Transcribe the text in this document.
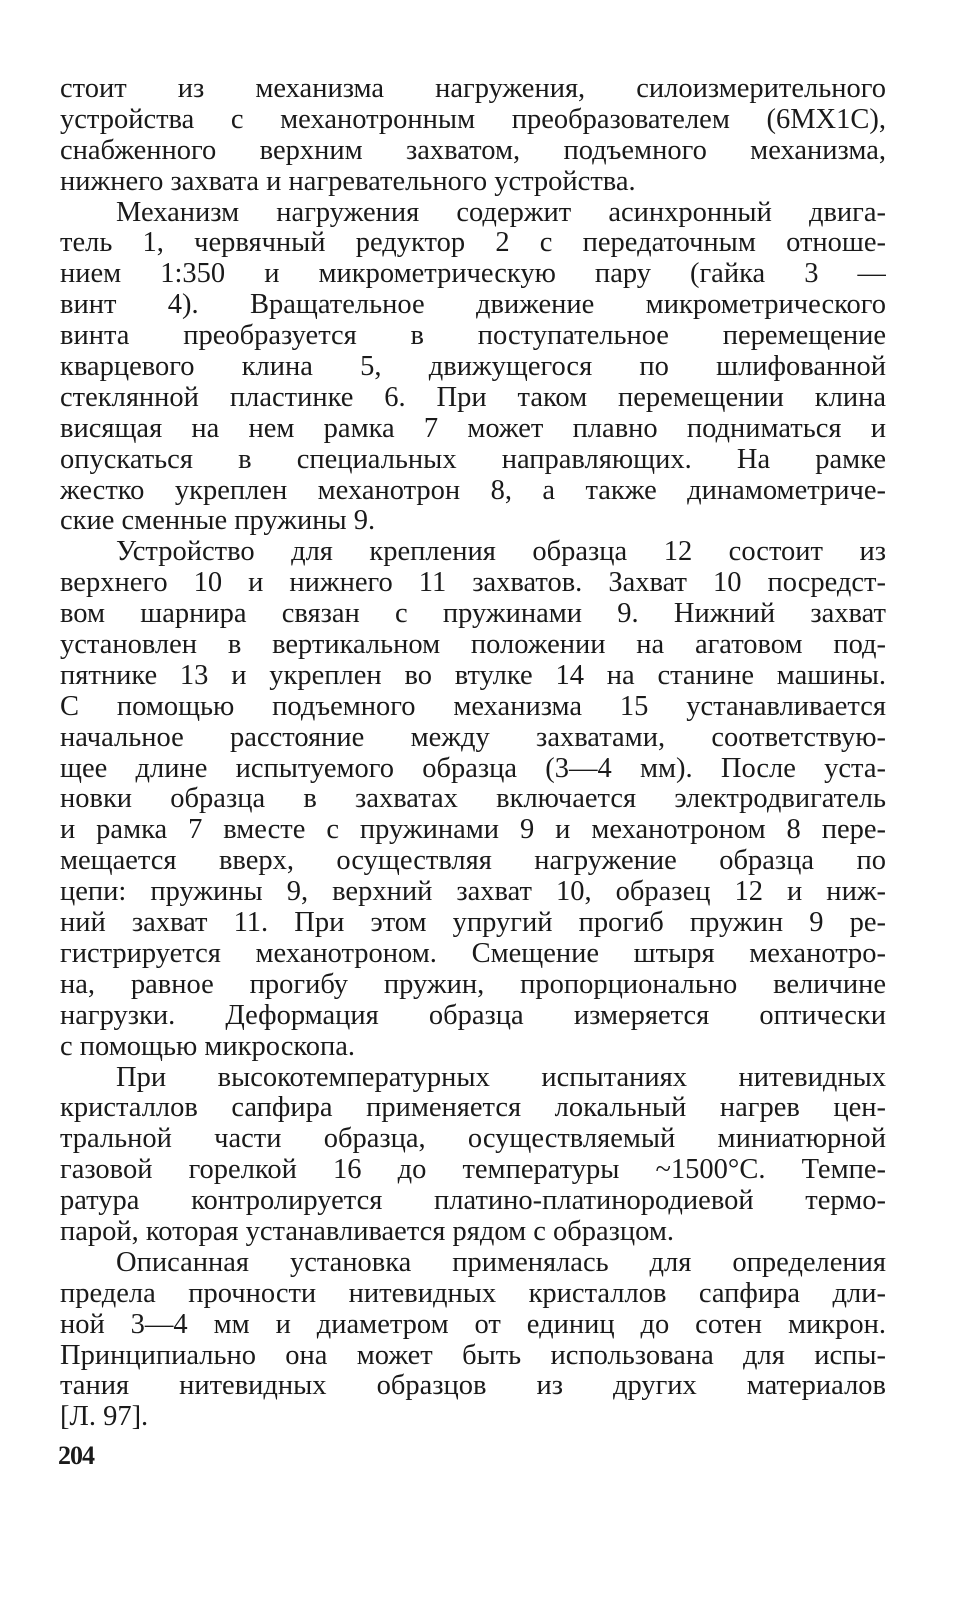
стоит из механизма нагружения, силоизмерительного
устройства с механотронным преобразователем (6МХ1С),
снабженного верхним захватом, подъемного механизма,
нижнего захвата и нагревательного устройства.
Механизм нагружения содержит асинхронный двига-
тель 1, червячный редуктор 2 с передаточным отноше-
нием 1:350 и микрометрическую пару (гайка 3 —
винт 4). Вращательное движение микрометрического
винта преобразуется в поступательное перемещение
кварцевого клина 5, движущегося по шлифованной
стеклянной пластинке 6. При таком перемещении клина
висящая на нем рамка 7 может плавно подниматься и
опускаться в специальных направляющих. На рамке
жестко укреплен механотрон 8, а также динамометриче-
ские сменные пружины 9.
Устройство для крепления образца 12 состоит из
верхнего 10 и нижнего 11 захватов. Захват 10 посредст-
вом шарнира связан с пружинами 9. Нижний захват
установлен в вертикальном положении на агатовом под-
пятнике 13 и укреплен во втулке 14 на станине машины.
С помощью подъемного механизма 15 устанавливается
начальное расстояние между захватами, соответствую-
щее длине испытуемого образца (3—4 мм). После уста-
новки образца в захватах включается электродвигатель
и рамка 7 вместе с пружинами 9 и механотроном 8 пере-
мещается вверх, осуществляя нагружение образца по
цепи: пружины 9, верхний захват 10, образец 12 и ниж-
ний захват 11. При этом упругий прогиб пружин 9 ре-
гистрируется механотроном. Смещение штыря механотро-
на, равное прогибу пружин, пропорционально величине
нагрузки. Деформация образца измеряется оптически
с помощью микроскопа.
При высокотемпературных испытаниях нитевидных
кристаллов сапфира применяется локальный нагрев цен-
тральной части образца, осуществляемый миниатюрной
газовой горелкой 16 до температуры ~1500°С. Темпе-
ратура контролируется платино-платинородиевой термо-
парой, которая устанавливается рядом с образцом.
Описанная установка применялась для определения
предела прочности нитевидных кристаллов сапфира дли-
ной 3—4 мм и диаметром от единиц до сотен микрон.
Принципиально она может быть использована для испы-
тания нитевидных образцов из других материалов
[Л. 97].
204
